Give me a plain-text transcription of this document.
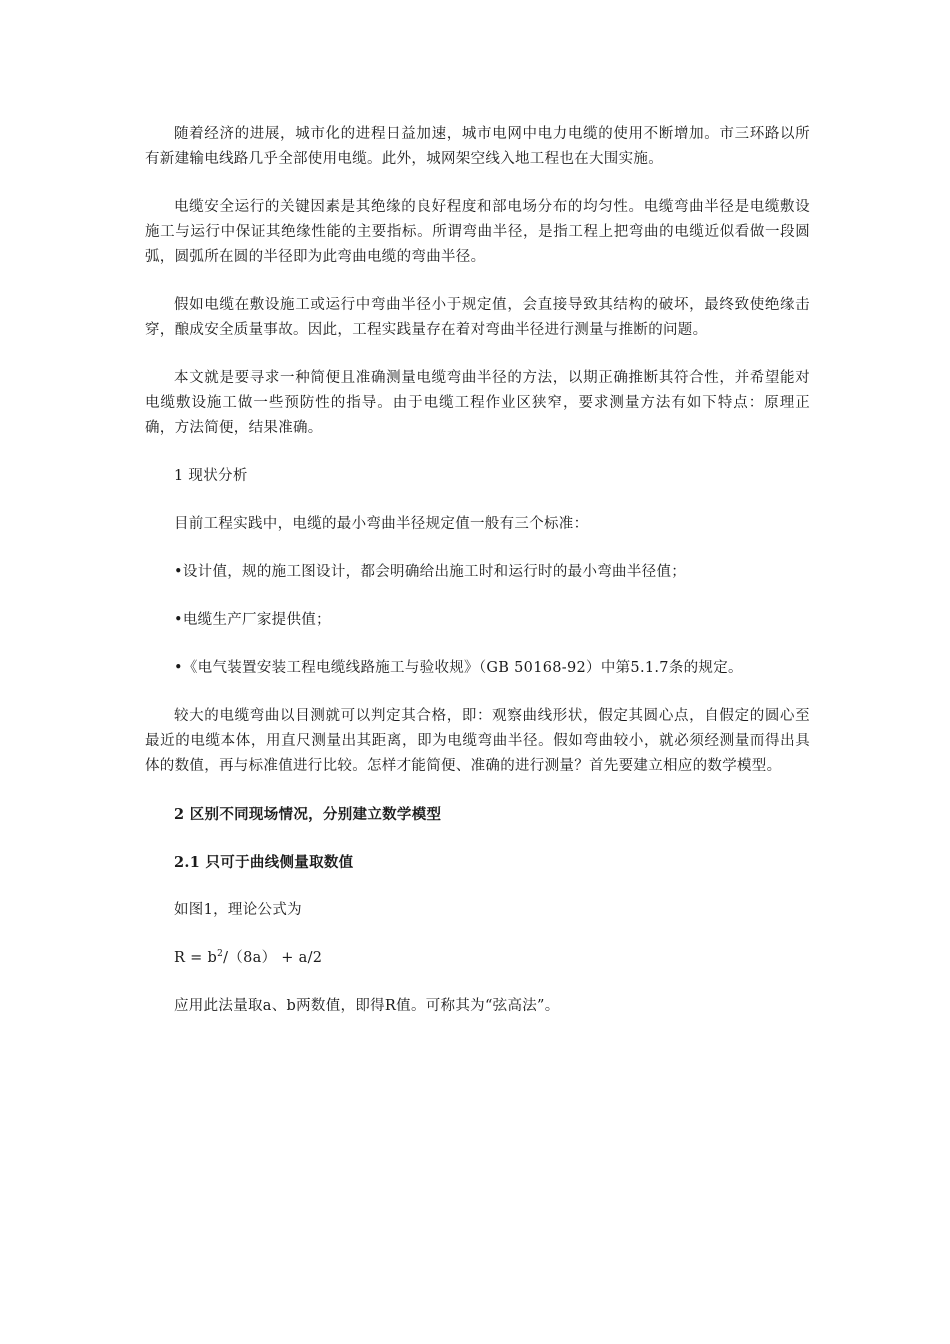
随着经济的进展，城市化的进程日益加速，城市电网中电力电缆的使用不断增加。市三环路以所有新建输电线路几乎全部使用电缆。此外，城网架空线入地工程也在大围实施。

电缆安全运行的关键因素是其绝缘的良好程度和部电场分布的均匀性。电缆弯曲半径是电缆敷设施工与运行中保证其绝缘性能的主要指标。所谓弯曲半径，是指工程上把弯曲的电缆近似看做一段圆弧，圆弧所在圆的半径即为此弯曲电缆的弯曲半径。

假如电缆在敷设施工或运行中弯曲半径小于规定值，会直接导致其结构的破坏，最终致使绝缘击穿，酿成安全质量事故。因此，工程实践量存在着对弯曲半径进行测量与推断的问题。

本文就是要寻求一种简便且准确测量电缆弯曲半径的方法，以期正确推断其符合性，并希望能对电缆敷设施工做一些预防性的指导。由于电缆工程作业区狭窄，要求测量方法有如下特点：原理正确，方法简便，结果准确。

1 现状分析

目前工程实践中，电缆的最小弯曲半径规定值一般有三个标准：

•设计值，规的施工图设计，都会明确给出施工时和运行时的最小弯曲半径值；

•电缆生产厂家提供值；

•《电气装置安装工程电缆线路施工与验收规》（GB 50168-92）中第5.1.7条的规定。

较大的电缆弯曲以目测就可以判定其合格，即：观察曲线形状，假定其圆心点，自假定的圆心至最近的电缆本体，用直尺测量出其距离，即为电缆弯曲半径。假如弯曲较小，就必须经测量而得出具体的数值，再与标准值进行比较。怎样才能简便、准确的进行测量？首先要建立相应的数学模型。

2 区别不同现场情况，分别建立数学模型

2.1 只可于曲线侧量取数值

如图1，理论公式为

$R = b^2/(8a) + a/2$

应用此法量取a、b两数值，即得R值。可称其为“弦高法”。
